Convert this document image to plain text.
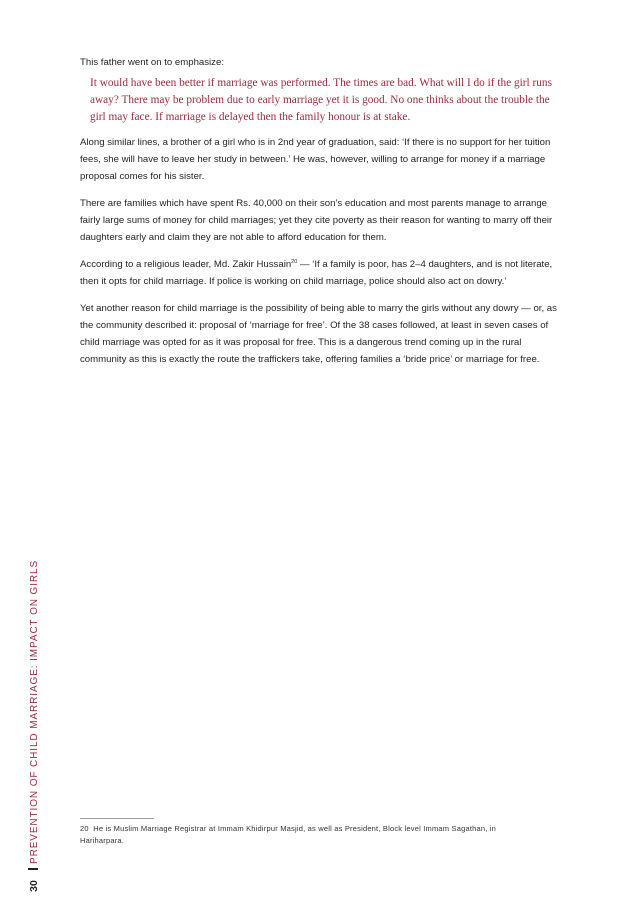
This father went on to emphasize:

It would have been better if marriage was performed. The times are bad. What will I do if the girl runs away? There may be problem due to early marriage yet it is good. No one thinks about the trouble the girl may face. If marriage is delayed then the family honour is at stake.

Along similar lines, a brother of a girl who is in 2nd year of graduation, said: ‘If there is no support for her tuition fees, she will have to leave her study in between.’ He was, however, willing to arrange for money if a marriage proposal comes for his sister.

There are families which have spent Rs. 40,000 on their son’s education and most parents manage to arrange fairly large sums of money for child marriages; yet they cite poverty as their reason for wanting to marry off their daughters early and claim they are not able to afford education for them.

According to a religious leader, Md. Zakir Hussain$^{20}$ — ‘If a family is poor, has 2–4 daughters, and is not literate, then it opts for child marriage. If police is working on child marriage, police should also act on dowry.’

Yet another reason for child marriage is the possibility of being able to marry the girls without any dowry — or, as the community described it: proposal of ‘marriage for free’. Of the 38 cases followed, at least in seven cases of child marriage was opted for as it was proposal for free. This is a dangerous trend coming up in the rural community as this is exactly the route the traffickers take, offering families a ‘bride price’ or marriage for free.

20 He is Muslim Marriage Registrar at Immam Khidirpur Masjid, as well as President, Block level Immam Sagathan, in Hariharpara.
PREVENTION OF CHILD MARRIAGE: IMPACT ON GIRLS
30
